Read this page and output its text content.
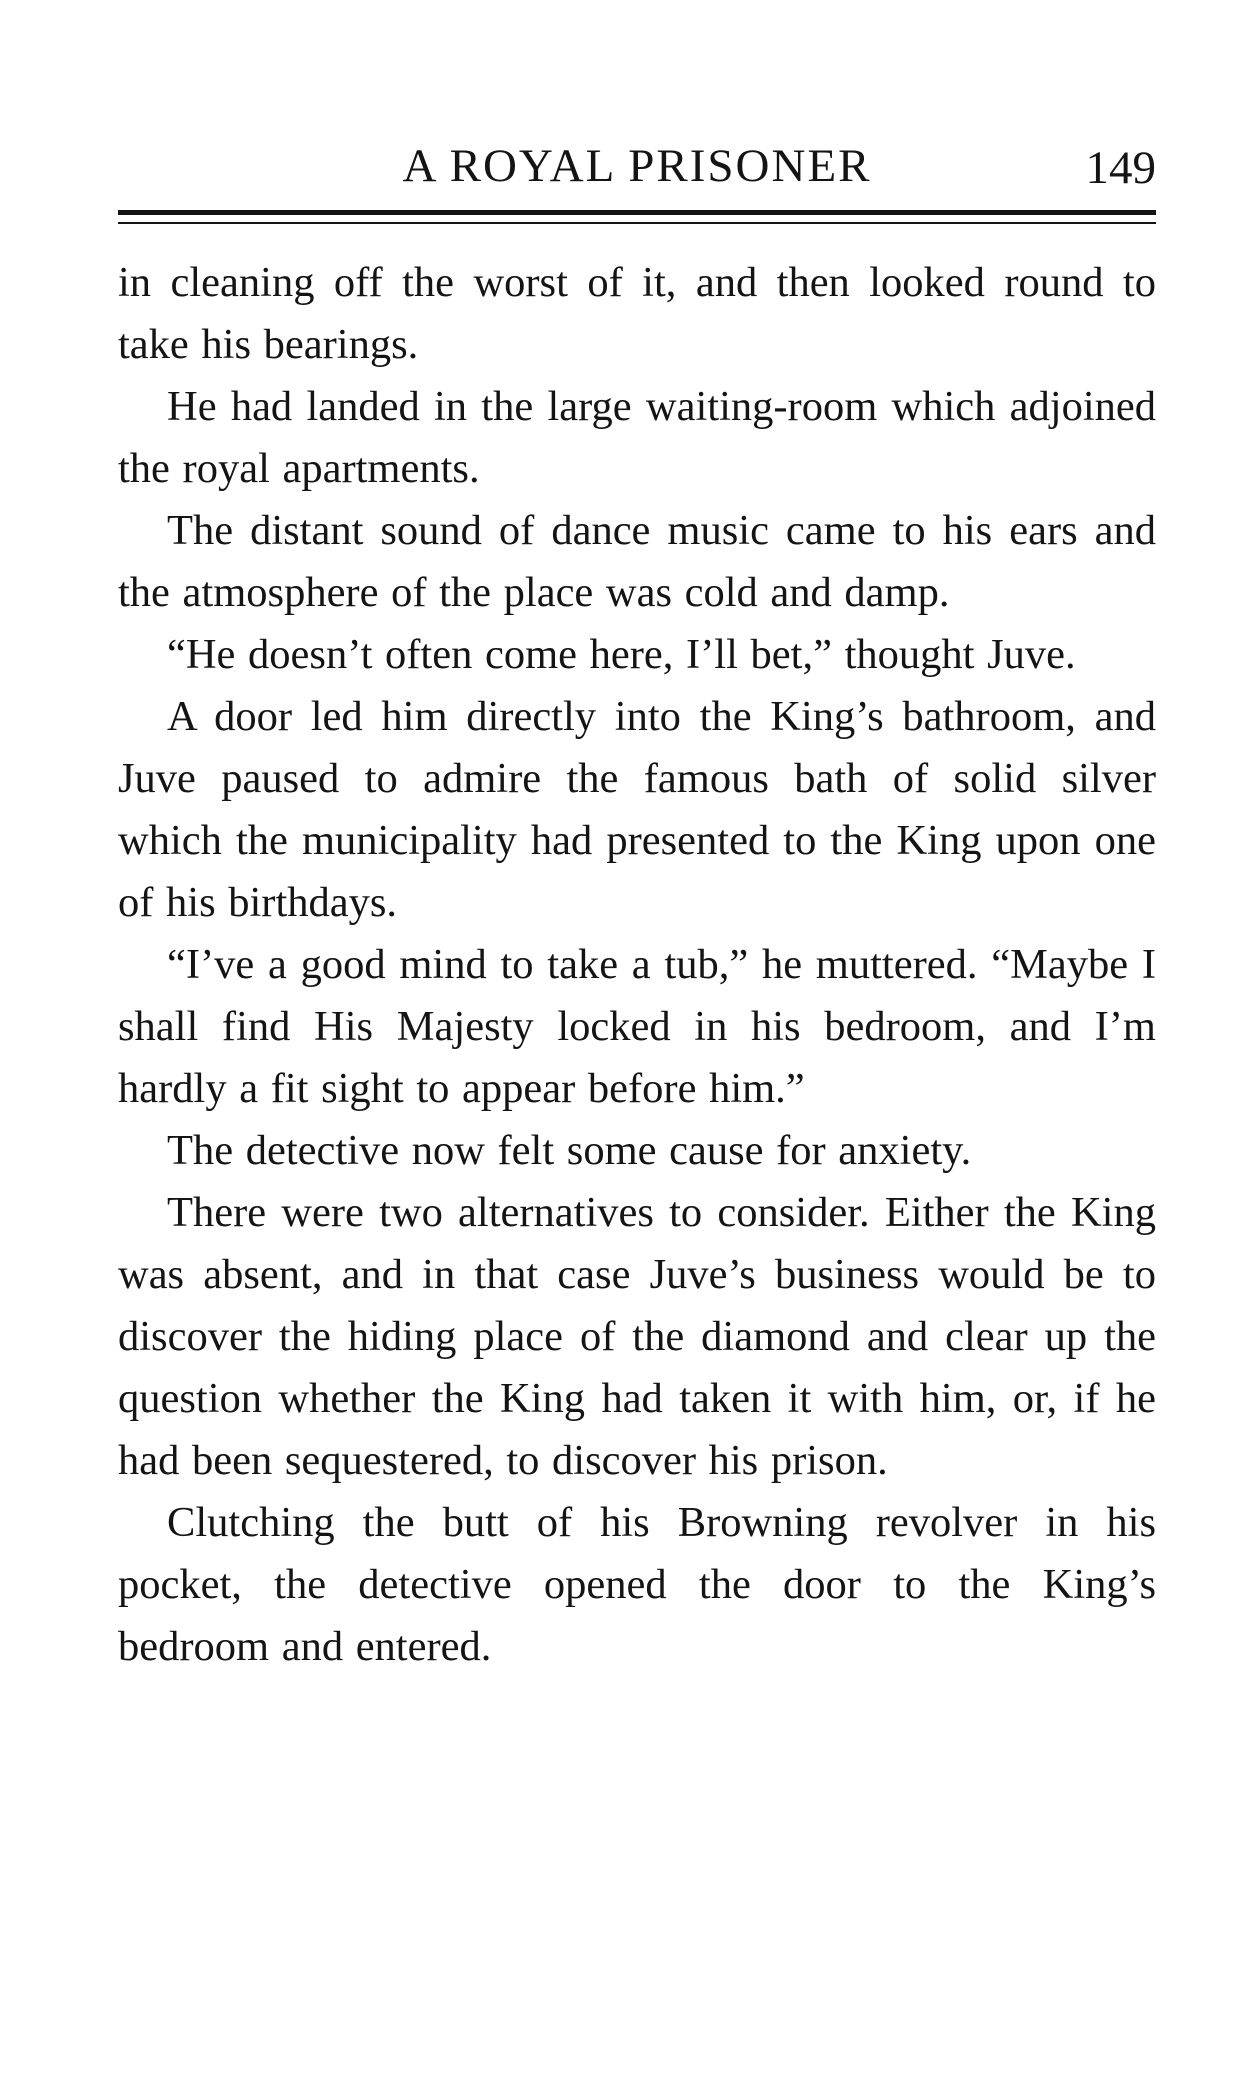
A ROYAL PRISONER	149

in cleaning off the worst of it, and then looked round to take his bearings.

He had landed in the large waiting-room which adjoined the royal apartments.

The distant sound of dance music came to his ears and the atmosphere of the place was cold and damp.

“He doesn’t often come here, I’ll bet,” thought Juve.

A door led him directly into the King’s bathroom, and Juve paused to admire the famous bath of solid silver which the municipality had presented to the King upon one of his birthdays.

“I’ve a good mind to take a tub,” he muttered. “Maybe I shall find His Majesty locked in his bedroom, and I’m hardly a fit sight to appear before him.”

The detective now felt some cause for anxiety.

There were two alternatives to consider. Either the King was absent, and in that case Juve’s business would be to discover the hiding place of the diamond and clear up the question whether the King had taken it with him, or, if he had been sequestered, to discover his prison.

Clutching the butt of his Browning revolver in his pocket, the detective opened the door to the King’s bedroom and entered.
